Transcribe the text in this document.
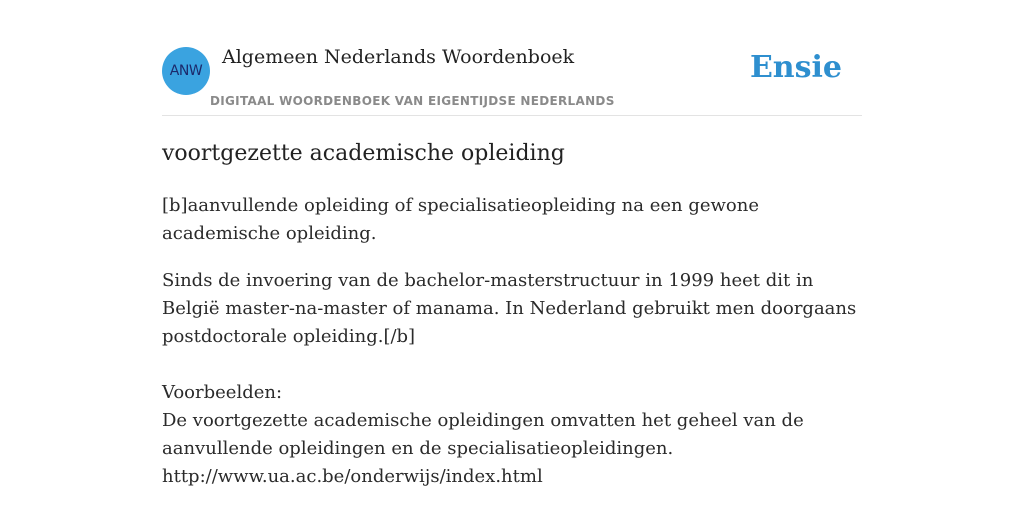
ANW
Algemeen Nederlands Woordenboek
DIGITAAL WOORDENBOEK VAN EIGENTIJDSE NEDERLANDS
Ensie
voortgezette academische opleiding

[b]aanvullende opleiding of specialisatieopleiding na een gewone academische opleiding.

Sinds de invoering van de bachelor-masterstructuur in 1999 heet dit in België master-na-master of manama. In Nederland gebruikt men doorgaans postdoctorale opleiding.[/b]

Voorbeelden:
De voortgezette academische opleidingen omvatten het geheel van de aanvullende opleidingen en de specialisatieopleidingen.
http://www.ua.ac.be/onderwijs/index.html
